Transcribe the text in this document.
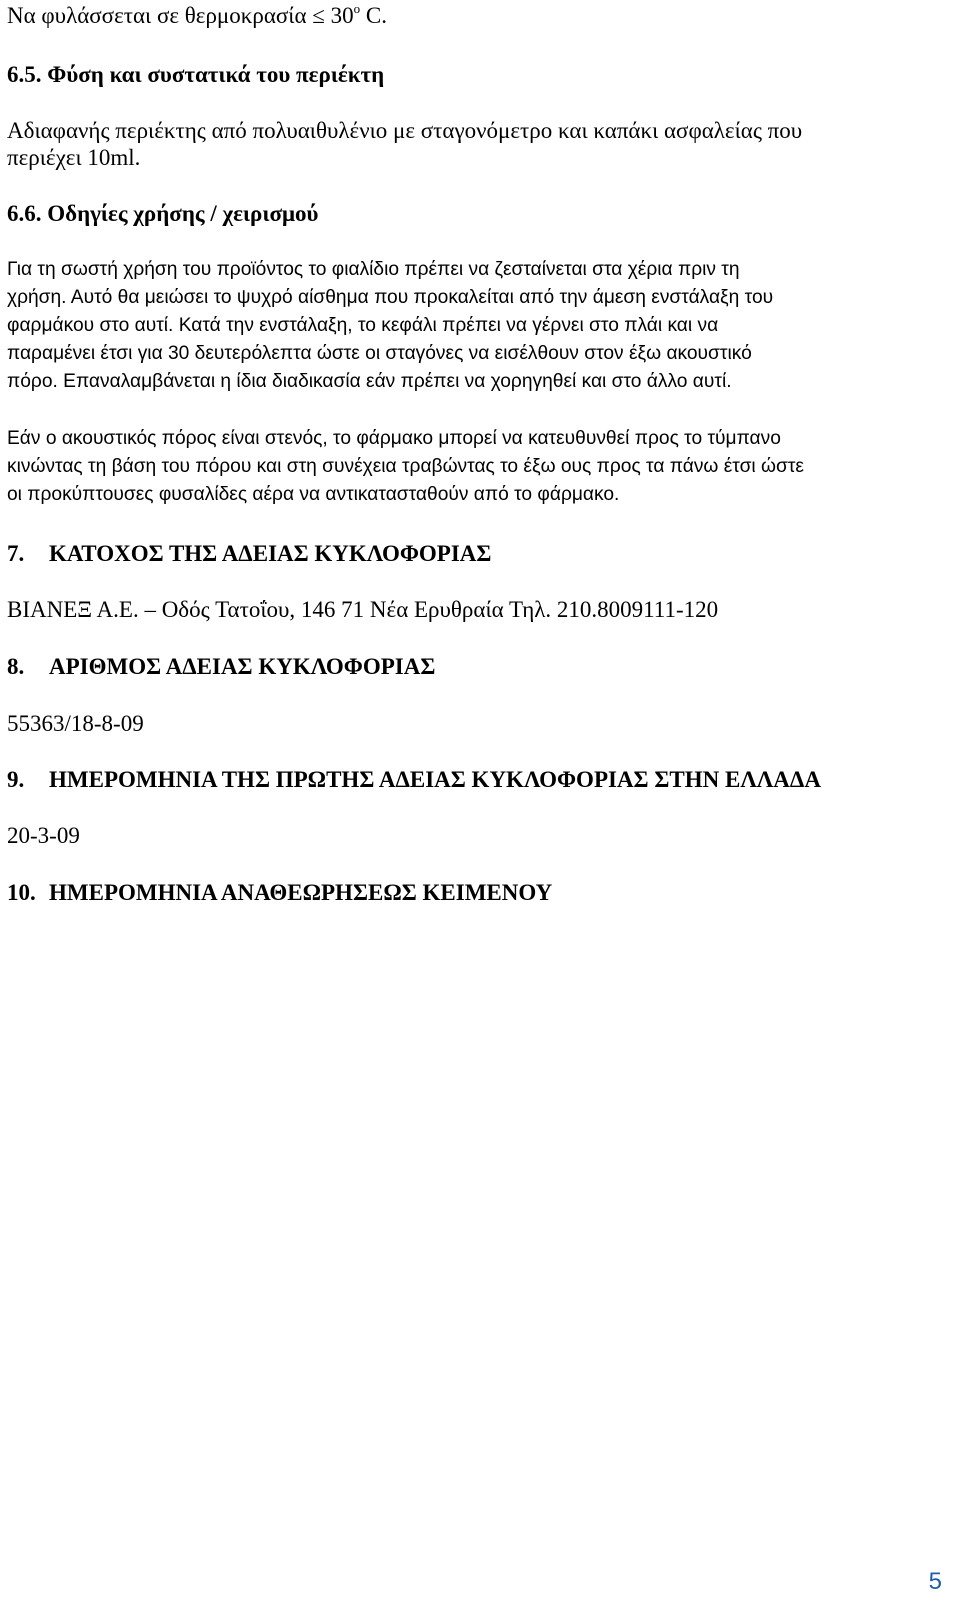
Να φυλάσσεται σε $\theta\varepsilon\rho\mu o\kappa\rho\alpha\sigma ί\alpha \le 30^o$ C.

6.5. Φύση και συστατικά του περιέκτη

Αδιαφανής περιέκτης από πολυαιθυλένιο με σταγονόμετρο και καπάκι ασφαλείας που

περιέχει 10ml.

6.6. Οδηγίες χρήσης / χειρισμού

Για τη σωστή χρήση του προϊόντος το φιαλίδιο πρέπει να ζεσταίνεται στα χέρια πριν τη
χρήση. Αυτό θα μειώσει το ψυχρό αίσθημα που προκαλείται από την άμεση ενστάλαξη του
φαρμάκου στο αυτί. Κατά την ενστάλαξη, το κεφάλι πρέπει να γέρνει στο πλάι και να
παραμένει έτσι για 30 δευτερόλεπτα ώστε οι σταγόνες να εισέλθουν στον έξω ακουστικό
πόρο. Επαναλαμβάνεται η ίδια διαδικασία εάν πρέπει να χορηγηθεί και στο άλλο αυτί.
Εάν ο ακουστικός πόρος είναι στενός, το φάρμακο μπορεί να κατευθυνθεί προς το τύμπανο
κινώντας τη βάση του πόρου και στη συνέχεια τραβώντας το έξω ους προς τα πάνω έτσι ώστε
οι προκύπτουσες φυσαλίδες αέρα να αντικατασταθούν από το φάρμακο.

7. ΚΑΤΟΧΟΣ ΤΗΣ ΑΔΕΙΑΣ ΚΥΚΛΟΦΟΡΙΑΣ

ΒΙΑΝΕΞ Α.Ε. – Οδός Τατοΐου, 146 71 Νέα Ερυθραία Τηλ. 210.8009111-120

8. ΑΡΙΘΜΟΣ ΑΔΕΙΑΣ ΚΥΚΛΟΦΟΡΙΑΣ

55363/18-8-09

9. ΗΜΕΡΟΜΗΝΙΑ ΤΗΣ ΠΡΩΤΗΣ ΑΔΕΙΑΣ ΚΥΚΛΟΦΟΡΙΑΣ ΣΤΗΝ ΕΛΛΑΔΑ

20-3-09

10. ΗΜΕΡΟΜΗΝΙΑ ΑΝΑΘΕΩΡΗΣΕΩΣ ΚΕΙΜΕΝΟΥ

5
